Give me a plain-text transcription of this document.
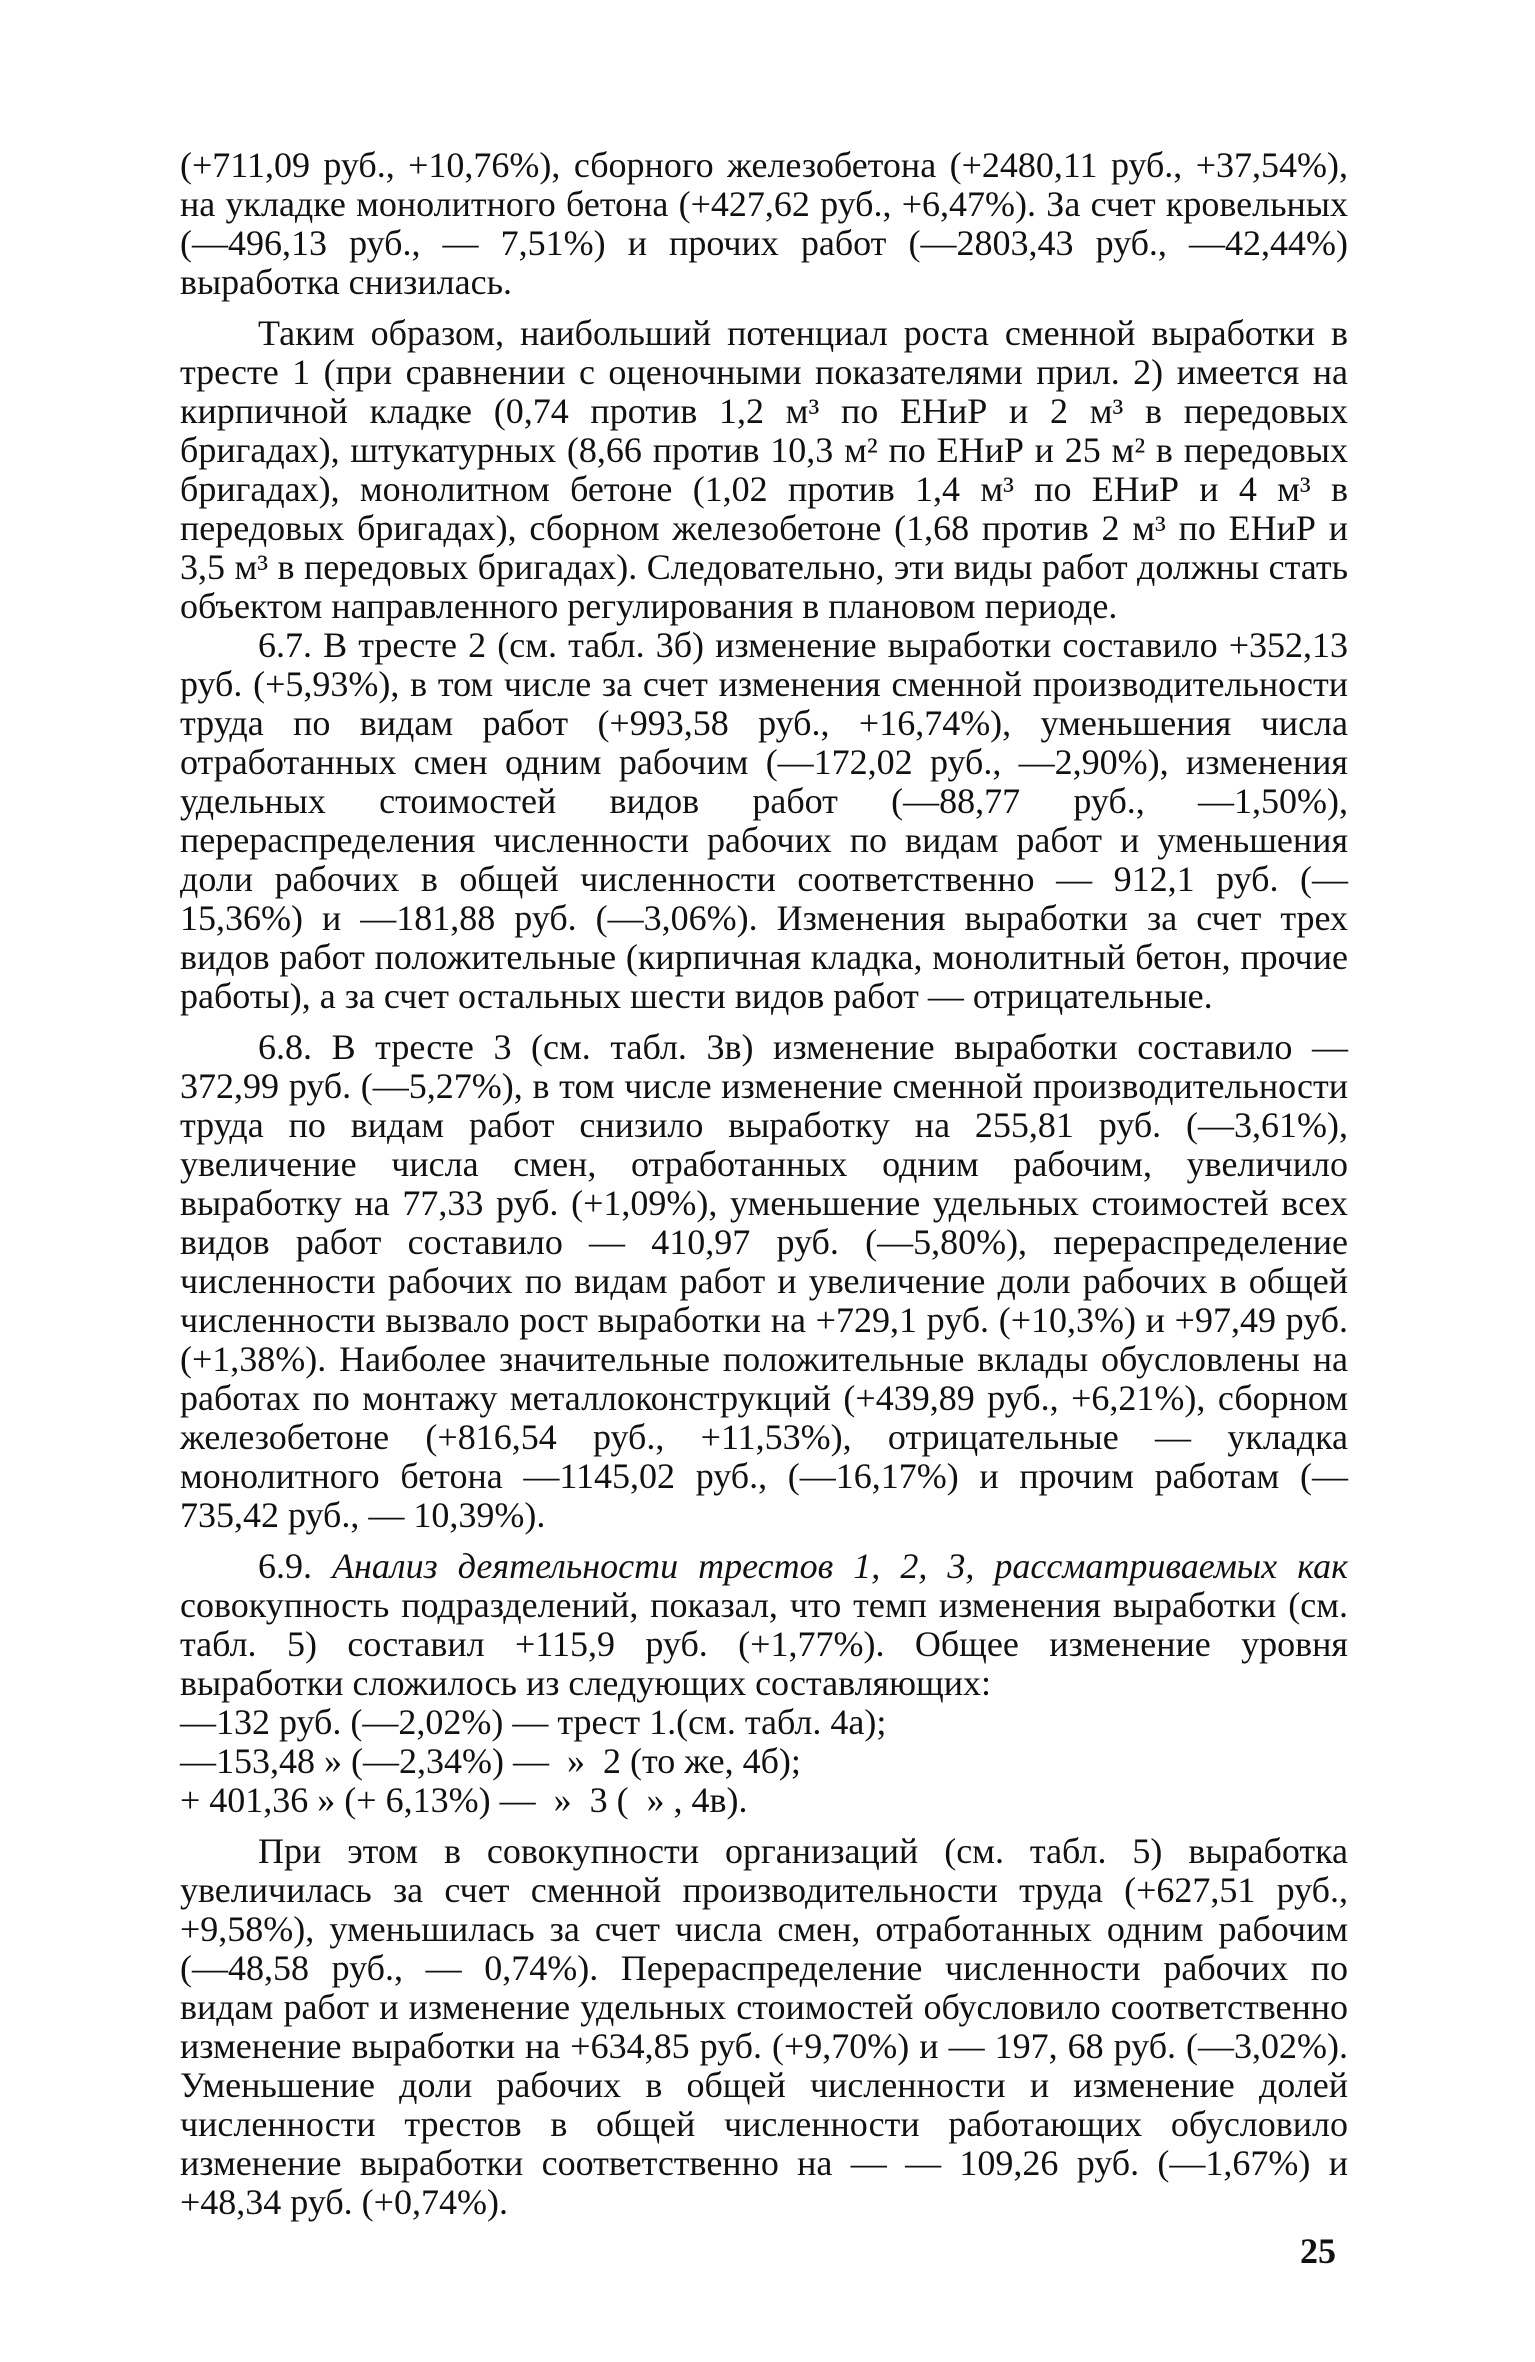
(+711,09 руб., +10,76%), сборного железобетона (+2480,11 руб., +37,54%), на укладке монолитного бетона (+427,62 руб., +6,47%). За счет кровельных (—496,13 руб., — 7,51%) и прочих работ (—2803,43 руб., —42,44%) выработка снизилась.

Таким образом, наибольший потенциал роста сменной выработки в тресте 1 (при сравнении с оценочными показателями прил. 2) имеется на кирпичной кладке (0,74 против 1,2 м³ по ЕНиР и 2 м³ в передовых бригадах), штукатурных (8,66 против 10,3 м² по ЕНиР и 25 м² в передовых бригадах), монолитном бетоне (1,02 против 1,4 м³ по ЕНиР и 4 м³ в передовых бригадах), сборном железобетоне (1,68 против 2 м³ по ЕНиР и 3,5 м³ в передовых бригадах). Следовательно, эти виды работ должны стать объектом направленного регулирования в плановом периоде.

6.7. В тресте 2 (см. табл. 3б) изменение выработки составило +352,13 руб. (+5,93%), в том числе за счет изменения сменной производительности труда по видам работ (+993,58 руб., +16,74%), уменьшения числа отработанных смен одним рабочим (—172,02 руб., —2,90%), изменения удельных стоимостей видов работ (—88,77 руб., —1,50%), перераспределения численности рабочих по видам работ и уменьшения доли рабочих в общей численности соответственно — 912,1 руб. (—15,36%) и —181,88 руб. (—3,06%). Изменения выработки за счет трех видов работ положительные (кирпичная кладка, монолитный бетон, прочие работы), а за счет остальных шести видов работ — отрицательные.

6.8. В тресте 3 (см. табл. 3в) изменение выработки составило — 372,99 руб. (—5,27%), в том числе изменение сменной производительности труда по видам работ снизило выработку на 255,81 руб. (—3,61%), увеличение числа смен, отработанных одним рабочим, увеличило выработку на 77,33 руб. (+1,09%), уменьшение удельных стоимостей всех видов работ составило — 410,97 руб. (—5,80%), перераспределение численности рабочих по видам работ и увеличение доли рабочих в общей численности вызвало рост выработки на +729,1 руб. (+10,3%) и +97,49 руб. (+1,38%). Наиболее значительные положительные вклады обусловлены на работах по монтажу металлоконструкций (+439,89 руб., +6,21%), сборном железобетоне (+816,54 руб., +11,53%), отрицательные — укладка монолитного бетона —1145,02 руб., (—16,17%) и прочим работам (—735,42 руб., — 10,39%).

6.9. Анализ деятельности трестов 1, 2, 3, рассматриваемых как совокупность подразделений, показал, что темп изменения выработки (см. табл. 5) составил +115,9 руб. (+1,77%). Общее изменение уровня выработки сложилось из следующих составляющих:

—132 руб. (—2,02%) — трест 1.(см. табл. 4а);

—153,48 » (—2,34%) —  »  2 (то же, 4б);

+ 401,36 » (+ 6,13%) —  »  3 (  » , 4в).

При этом в совокупности организаций (см. табл. 5) выработка увеличилась за счет сменной производительности труда (+627,51 руб., +9,58%), уменьшилась за счет числа смен, отработанных одним рабочим (—48,58 руб., — 0,74%). Перераспределение численности рабочих по видам работ и изменение удельных стоимостей обусловило соответственно изменение выработки на +634,85 руб. (+9,70%) и — 197, 68 руб. (—3,02%). Уменьшение доли рабочих в общей численности и изменение долей численности трестов в общей численности работающих обусловило изменение выработки соответственно на — — 109,26 руб. (—1,67%) и +48,34 руб. (+0,74%).

25
